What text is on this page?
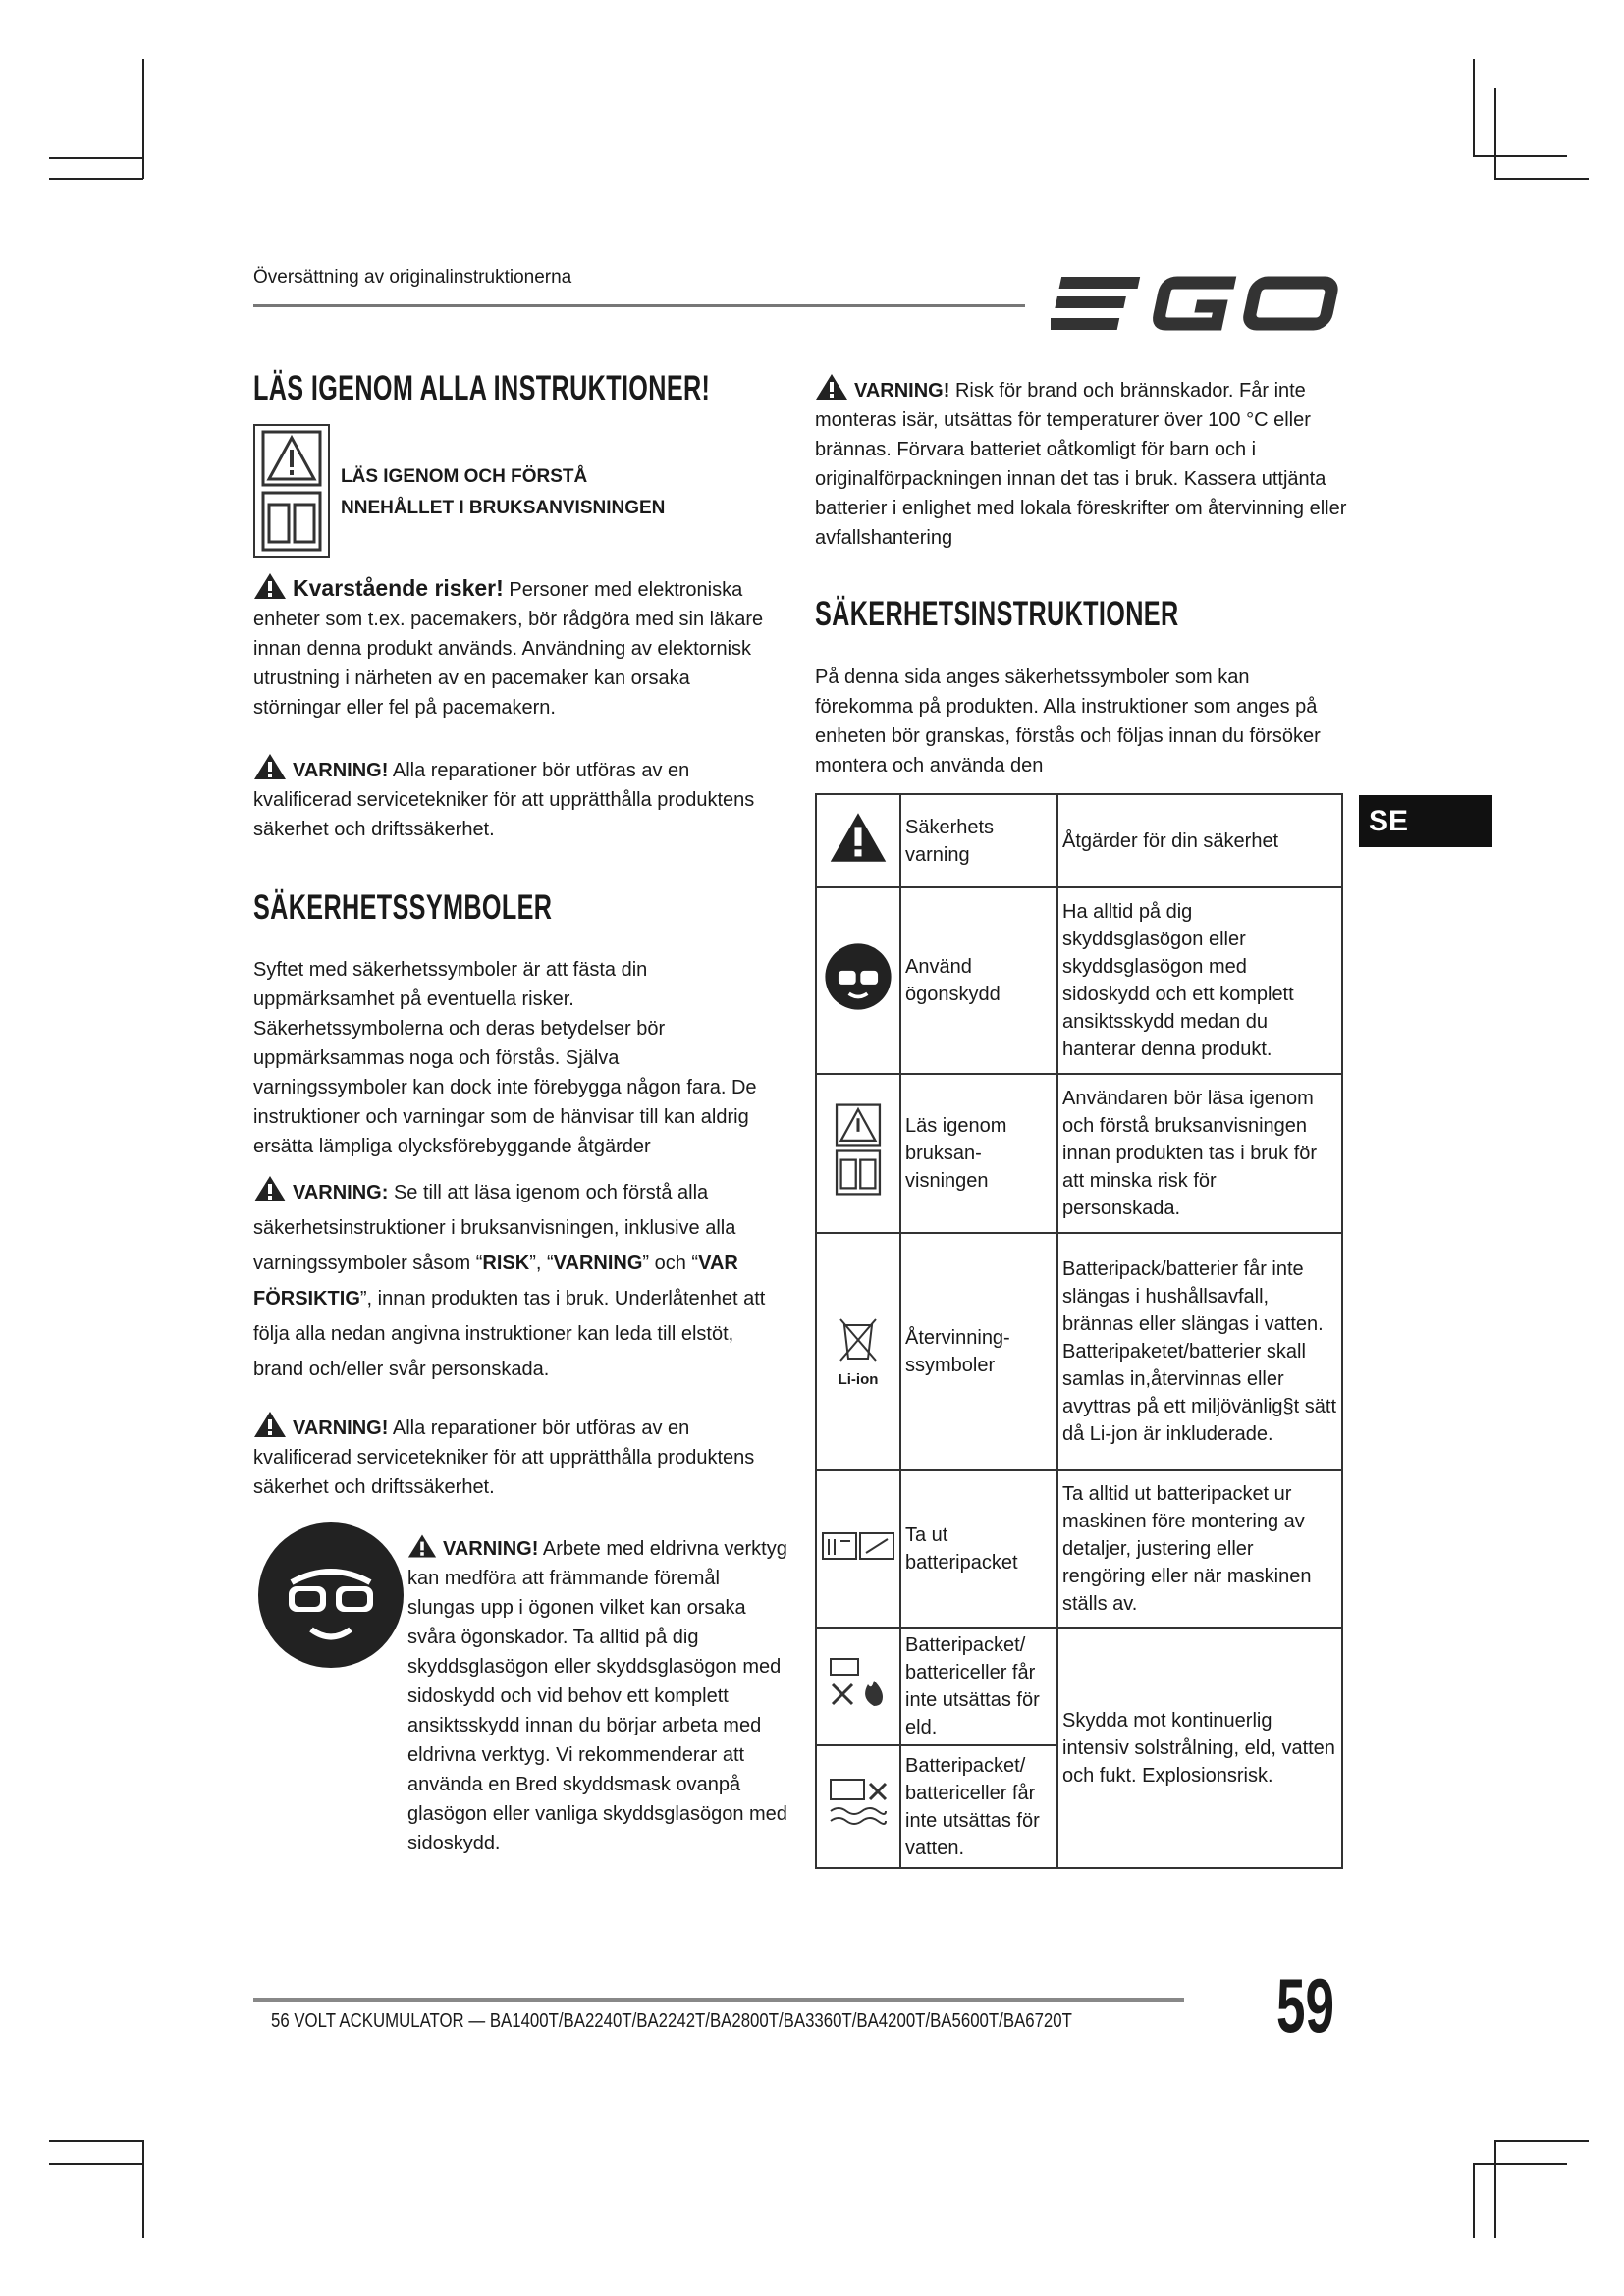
Översättning av originalinstruktionerna
LÄS IGENOM ALLA INSTRUKTIONER!
LÄS IGENOM OCH FÖRSTÅ
NNEHÅLLET I BRUKSANVISNINGEN
Kvarstående risker! Personer med elektroniska enheter som t.ex. pacemakers, bör rådgöra med sin läkare innan denna produkt används. Användning av elektornisk utrustning i närheten av en pacemaker kan orsaka störningar eller fel på pacemakern.
VARNING! Alla reparationer bör utföras av en kvalificerad servicetekniker för att upprätthålla produktens säkerhet och driftssäkerhet.
SÄKERHETSSYMBOLER
Syftet med säkerhetssymboler är att fästa din uppmärksamhet på eventuella risker. Säkerhetssymbolerna och deras betydelser bör uppmärksammas noga och förstås. Själva varningssymboler kan dock inte förebygga någon fara. De instruktioner och varningar som de hänvisar till kan aldrig ersätta lämpliga olycksförebyggande åtgärder
VARNING: Se till att läsa igenom och förstå alla säkerhetsinstruktioner i bruksanvisningen, inklusive alla varningssymboler såsom “RISK”, “VARNING” och “VAR FÖRSIKTIG”, innan produkten tas i bruk. Underlåtenhet att följa alla nedan angivna instruktioner kan leda till elstöt, brand och/eller svår personskada.
VARNING! Alla reparationer bör utföras av en kvalificerad servicetekniker för att upprätthålla produktens säkerhet och driftssäkerhet.
VARNING! Arbete med eldrivna verktyg kan medföra att främmande föremål slungas upp i ögonen vilket kan orsaka svåra ögonskador. Ta alltid på dig skyddsglasögon eller skyddsglasögon med sidoskydd och vid behov ett komplett ansiktsskydd innan du börjar arbeta med eldrivna verktyg. Vi rekommenderar att använda en Bred skyddsmask ovanpå glasögon eller vanliga skyddsglasögon med sidoskydd.
VARNING! Risk för brand och brännskador. Får inte monteras isär, utsättas för temperaturer över 100 °C eller brännas. Förvara batteriet oåtkomligt för barn och i originalförpackningen innan det tas i bruk. Kassera uttjänta batterier i enlighet med lokala föreskrifter om återvinning eller avfallshantering
SÄKERHETSINSTRUKTIONER
På denna sida anges säkerhetssymboler som kan förekomma på produkten. Alla instruktioner som anges på enheten bör granskas, förstås och följas innan du försöker montera och använda den
SE
	Säkerhets varning	Åtgärder för din säkerhet
	Använd ögonskydd	Ha alltid på dig skyddsglasögon eller skyddsglasögon med sidoskydd och ett komplett ansiktsskydd medan du hanterar denna produkt.
	Läs igenom bruksan-visningen	Användaren bör läsa igenom och förstå bruksanvisningen innan produkten tas i bruk för att minska risk för personskada.

Li-ion	Återvinning-ssymboler	Batteripack/batterier får inte slängas i hushållsavfall, brännas eller slängas i vatten. Batteripaketet/batterier skall samlas in,återvinnas eller avyttras på ett miljövänlig§t sätt då Li-jon är inkluderade.
	Ta ut batteripacket	Ta alltid ut batteripacket ur maskinen före montering av detaljer, justering eller rengöring eller när maskinen ställs av.
	Batteripacket/ battericeller får inte utsättas för eld.	Skydda mot kontinuerlig intensiv solstrålning, eld, vatten och fukt. Explosionsrisk.
	Batteripacket/ battericeller får inte utsättas för vatten.	
56 VOLT ACKUMULATOR — BA1400T/BA2240T/BA2242T/BA2800T/BA3360T/BA4200T/BA5600T/BA6720T	59
